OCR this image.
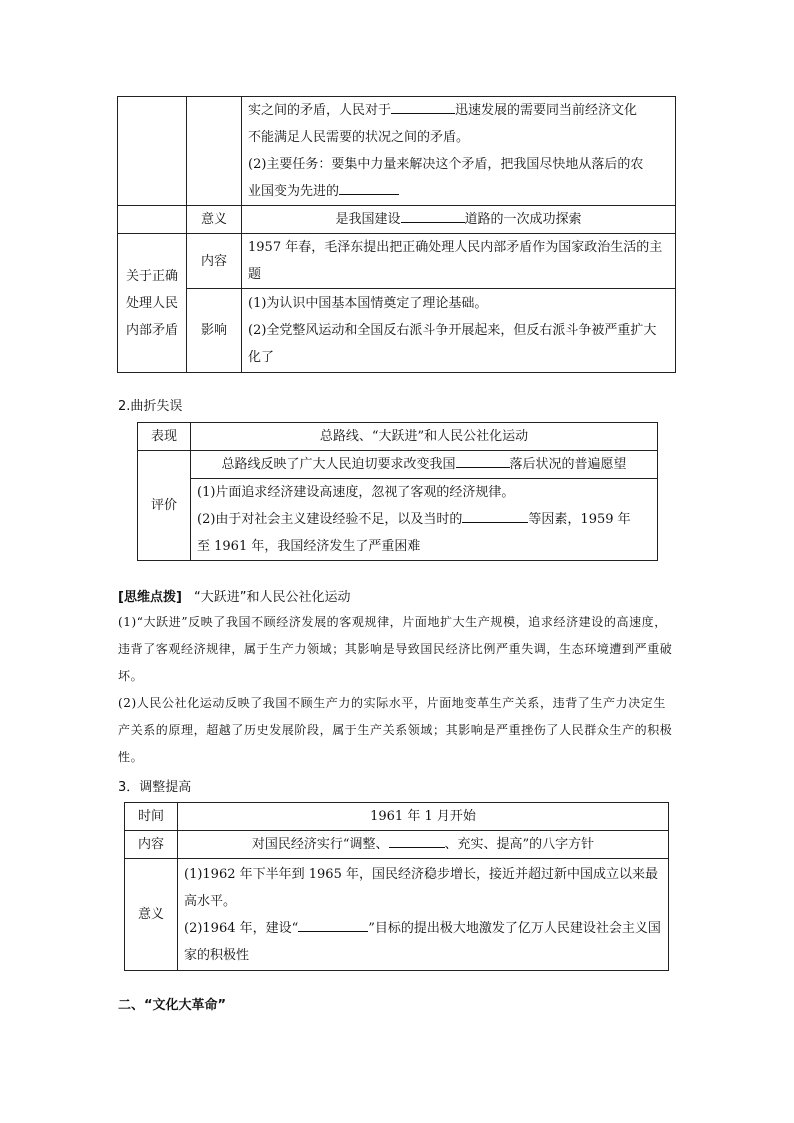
		实之间的矛盾，人民对于 迅速发展的需要同当前经济文化
不能满足人民需要的状况之间的矛盾。
(2)主要任务：要集中力量来解决这个矛盾，把我国尽快地从落后的农
业国变为先进的
	意义	是我国建设 道路的一次成功探索

关于正确处理人民内部矛盾	内容	1957 年春，毛泽东提出把正确处理人民内部矛盾作为国家政治生活的主题
	影响	(1)为认识中国基本国情奠定了理论基础。
(2)全党整风运动和全国反右派斗争开展起来，但反右派斗争被严重扩大化了
2.曲折失误
表现	总路线、“大跃进”和人民公社化运动
评价	总路线反映了广大人民迫切要求改变我国 落后状况的普遍愿望
	(1)片面追求经济建设高速度，忽视了客观的经济规律。
(2)由于对社会主义建设经验不足，以及当时的 等因素，1959 年
至 1961 年，我国经济发生了严重困难
[思维点拨] “大跃进”和人民公社化运动

(1)“大跃进”反映了我国不顾经济发展的客观规律，片面地扩大生产规模，追求经济建设的高速度，违背了客观经济规律，属于生产力领域；其影响是导致国民经济比例严重失调，生态环境遭到严重破坏。

(2)人民公社化运动反映了我国不顾生产力的实际水平，片面地变革生产关系，违背了生产力决定生产关系的原理，超越了历史发展阶段，属于生产关系领域；其影响是严重挫伤了人民群众生产的积极性。

3．调整提高
时间	1961 年 1 月开始
内容	对国民经济实行“调整、 、充实、提高”的八字方针
意义	(1)1962 年下半年到 1965 年，国民经济稳步增长，接近并超过新中国成立以来最高水平。
(2)1964 年，建设“ ”目标的提出极大地激发了亿万人民建设社会主义国家的积极性
二、“文化大革命”
